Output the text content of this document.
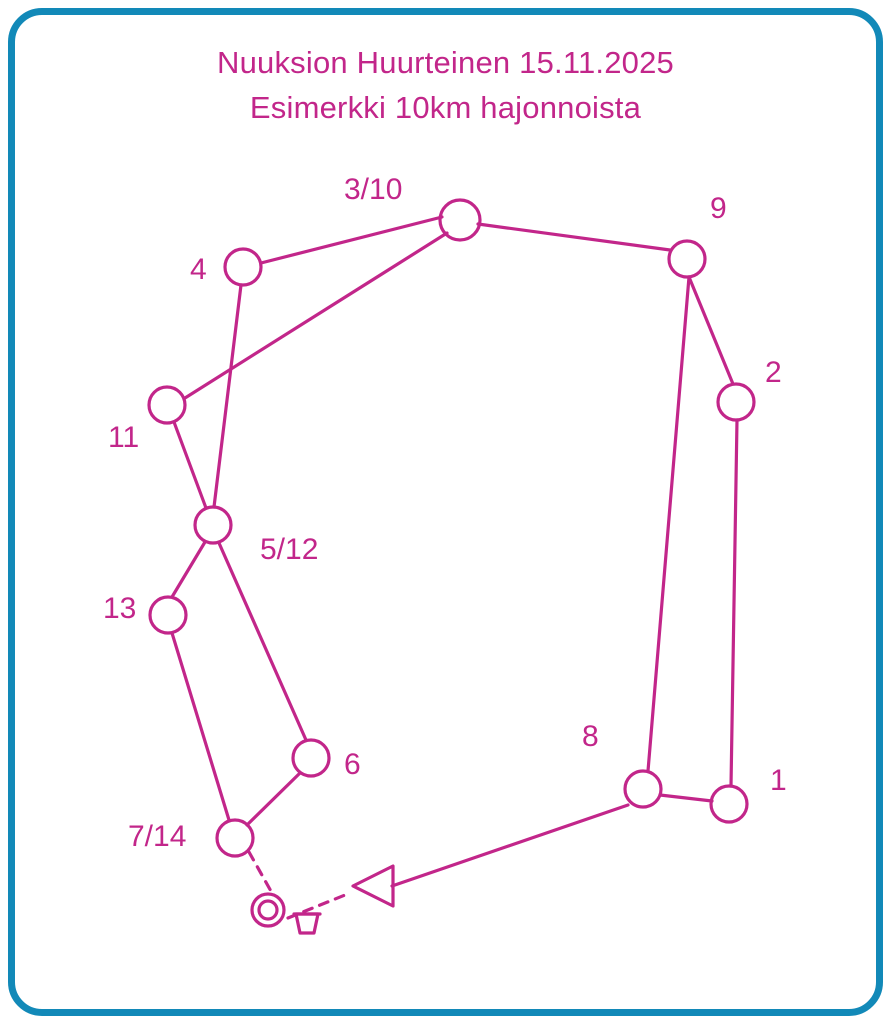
Nuuksion Huurteinen 15.11.2025
Esimerkki 10km hajonnoista
1
2
3/10
4
5/12
6
7/14
8
9
11
13
